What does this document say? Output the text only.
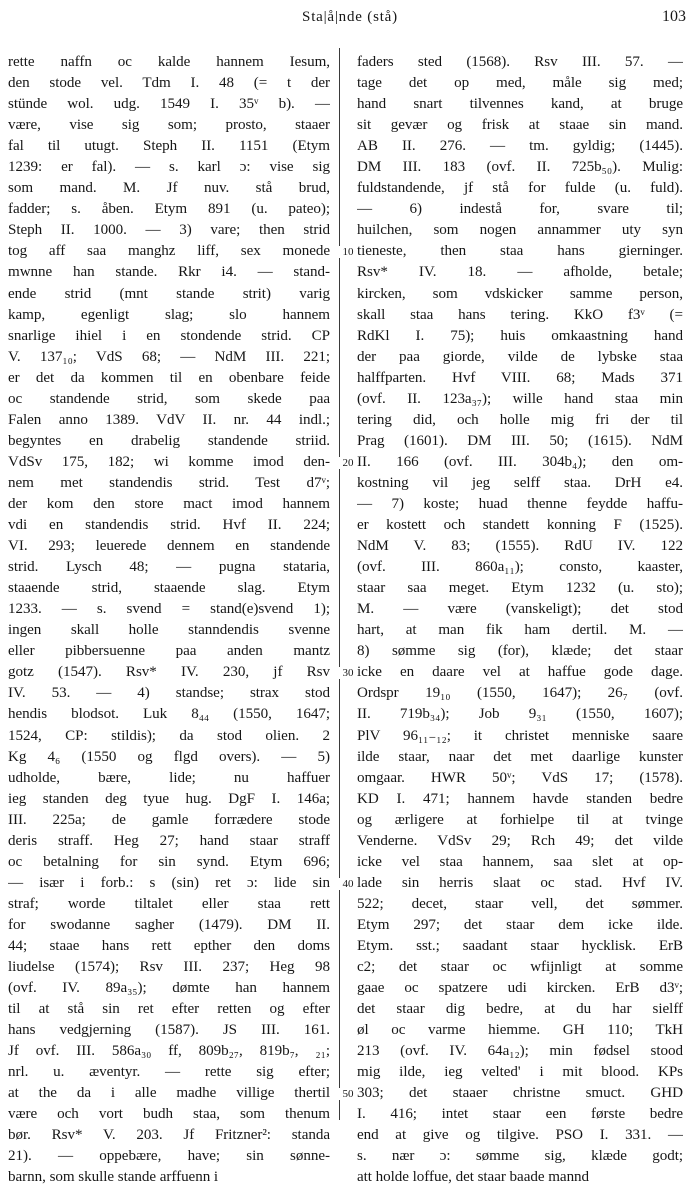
Sta|å|nde (stå)	103
rette naffn oc kalde hannem Iesum,
den stode vel. Tdm I. 48 (= t der
stünde wol. udg. 1549 I. 35ᵛ b). —
være, vise sig som; prosto, staaer
fal til utugt. Steph II. 1151 (Etym
1239: er fal). — s. karl ɔ: vise sig
som mand. M. Jf nuv. stå brud,
fadder; s. åben. Etym 891 (u. pateo);
Steph II. 1000. — 3) vare; then strid
tog aff saa manghz liff, sex monede
mwnne han stande. Rkr i4. — stand-
ende strid (mnt stande strit) varig
kamp, egenligt slag; slo hannem
snarlige ihiel i en stondende strid. CP
V. 137₁₀; VdS 68; — NdM III. 221;
er det da kommen til en obenbare feide
oc standende strid, som skede paa
Falen anno 1389. VdV II. nr. 44 indl.;
begyntes en drabelig standende striid.
VdSv 175, 182; wi komme imod den-
nem met standendis strid. Test d7ᵛ;
der kom den store mact imod hannem
vdi en standendis strid. Hvf II. 224;
VI. 293; leuerede dennem en standende
strid. Lysch 48; — pugna stataria,
staaende strid, staaende slag. Etym
1233. — s. svend = stand(e)svend 1);
ingen skall holle stanndendis svenne
eller pibbersuenne paa anden mantz
gotz (1547). Rsv* IV. 230, jf Rsv
IV. 53. — 4) standse; strax stod
hendis blodsot. Luk 8₄₄ (1550, 1647;
1524, CP: stildis); da stod olien. 2
Kg 4₆ (1550 og flgd overs). — 5)
udholde, bære, lide; nu haffuer
ieg standen deg tyue hug. DgF I. 146a;
III. 225a; de gamle forrædere stode
deris straff. Heg 27; hand staar straff
oc betalning for sin synd. Etym 696;
— især i forb.: s (sin) ret ɔ: lide sin
straf; worde tiltalet eller staa rett
for swodanne sagher (1479). DM II.
44; staae hans rett epther den doms
liudelse (1574); Rsv III. 237; Heg 98
(ovf. IV. 89a₃₅); dømte han hannem
til at stå sin ret efter retten og efter
hans vedgjerning (1587). JS III. 161.
Jf ovf. III. 586a₃₀ ff, 809b₂₇, 819b₇, ₂₁;
nrl. u. æventyr. — rette sig efter;
at the da i alle madhe villige thertil
være och vort budh staa, som thenum
bør. Rsv* V. 203. Jf Fritzner²: standa
21). — oppebære, have; sin sønne-
barnn, som skulle stande arffuenn i
faders sted (1568). Rsv III. 57. —
tage det op med, måle sig med;
hand snart tilvennes kand, at bruge
sit gevær og frisk at staae sin mand.
AB II. 276. — tm. gyldig; (1445).
DM III. 183 (ovf. II. 725b₅₀). Mulig:
fuldstandende, jf stå for fulde (u. fuld).
— 6) indestå for, svare til;
huilchen, som nogen annammer uty syn
tieneste, then staa hans gierninger.
Rsv* IV. 18. — afholde, betale;
kircken, som vdskicker samme person,
skall staa hans tering. KkO f3ᵛ (=
RdKl I. 75); huis omkaastning hand
der paa giorde, vilde de lybske staa
halffparten. Hvf VIII. 68; Mads 371
(ovf. II. 123a₃₇); wille hand staa min
tering did, och holle mig fri der til
Prag (1601). DM III. 50; (1615). NdM
II. 166 (ovf. III. 304b₄); den om-
kostning vil jeg selff staa. DrH e4.
— 7) koste; huad thenne feydde haffu-
er kostett och standett konning F (1525).
NdM V. 83; (1555). RdU IV. 122
(ovf. III. 860a₁₁); consto, kaaster,
staar saa meget. Etym 1232 (u. sto);
M. — være (vanskeligt); det stod
hart, at man fik ham dertil. M. —
8) sømme sig (for), klæde; det staar
icke en daare vel at haffue gode dage.
Ordspr 19₁₀ (1550, 1647); 26₇ (ovf.
II. 719b₃₄); Job 9₃₁ (1550, 1607);
PlV 96₁₁₋₁₂; it christet menniske saare
ilde staar, naar det met daarlige kunster
omgaar. HWR 50ᵛ; VdS 17; (1578).
KD I. 471; hannem havde standen bedre
og ærligere at forhielpe til at tvinge
Venderne. VdSv 29; Rch 49; det vilde
icke vel staa hannem, saa slet at op-
lade sin herris slaat oc stad. Hvf IV.
522; decet, staar vell, det sømmer.
Etym 297; det staar dem icke ilde.
Etym. sst.; saadant staar hycklisk. ErB
c2; det staar oc wfijnligt at somme
gaae oc spatzere udi kircken. ErB d3ᵛ;
det staar dig bedre, at du har sielff
øl oc varme hiemme. GH 110; TkH
213 (ovf. IV. 64a₁₂); min fødsel stood
mig ilde, ieg velted' i mit blood. KPs
303; det staaer christne smuct. GHD
I. 416; intet staar een første bedre
end at give og tilgive. PSO I. 331. —
s. nær ɔ: sømme sig, klæde godt;
att holde loffue, det staar baade mannd
10
20
30
40
50
